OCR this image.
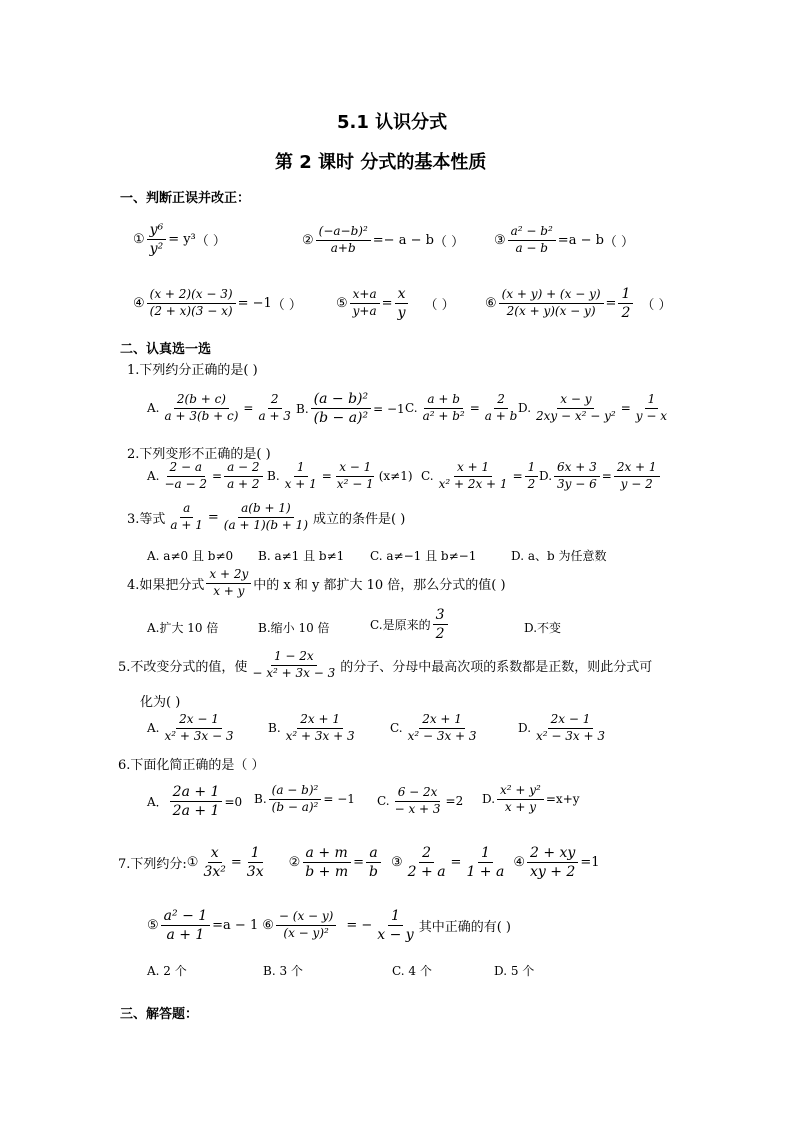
5.1 认识分式
第 2 课时 分式的基本性质
一、判断正误并改正：
① $\frac{\text{y⁶}}{\text{y²}} = y^3$ （ ）	② $\frac{\text{(−a−b)²}}{a+b} =- a - b$ （ ） ③ $\frac{\text{a² − b²}}{a - b} =a - b$ （ ）
④ $\frac{(x + 2)(x - 3)}{(2 + x)(3 - x)} = -1$ （ ）	⑤ $\frac{x+a}{y+a} = \frac{x}{y}$ （ ） ⑥ $\frac{(x + y) + (x - y)}{2(x + y)(x - y)} = \frac{1}{2}$ （ ）
二、认真选一选
1.下列约分正确的是( )
A. $\frac{2(b + c)}{a + 3(b + c)} = \frac{2}{a + 3} B$. $\frac{\text{(a − b)²}}{\text{(b − a)²}} = -1$ C. $\frac{a + b}{\text{a² + b²}} = \frac{2}{a + b}$
D. $\frac{x - y}{\text{2xy − x² − y²}} = \frac{1}{y - x}$
2.下列变形不正确的是( )
A. $\frac{2 - a}{-a - 2} = \frac{a - 2}{a + 2} B$. $\frac{1}{x + 1} = \frac{x - 1}{\text{x² − 1}} (x\ne 1)$ C. $\frac{x + 1}{\text{x² + 2x + 1}} = \frac{1}{2} D$. $\frac{6x + 3}{3y - 6} = \frac{2x + 1}{y - 2}$
3.等式 $\frac{a}{a + 1} = \frac{a(b + 1)}{(a + 1)(b + 1)}$ 成立的条件是( )
A. a≠0 且 b≠0 B. a≠1 且 b≠1 C. a≠−1 且 b≠−1	D. a、b 为任意数
4.如果把分式 $\frac{x + 2y}{x + y}$ 中的 x 和 y 都扩大 10 倍，那么分式的值( )
A.扩大 10 倍	B.缩小 10 倍	C.是原来的 $\frac{3}{2}$	D.不变
5.不改变分式的值，使 $\frac{1 - 2x}{\text{− x² + 3x − 3}}$ 的分子、分母中最高次项的系数都是正数，则此分式可
化为( )
A. $\frac{2x - 1}{\text{x² + 3x − 3}}$	B. $\frac{2x + 1}{\text{x² + 3x + 3}}$	C. $\frac{2x + 1}{\text{x² − 3x + 3}}$	D. $\frac{2x - 1}{\text{x² − 3x + 3}}$
6.下面化简正确的是（ ）
A． $\frac{2a + 1}{2a + 1} =0$ B. $\frac{\text{(a − b)²}}{\text{(b − a)²}} = -1$ C. $\frac{6 - 2x}{- x + 3} =2$ D. $\frac{\text{x² + y²}}{x + y} =x+y$
7.下列约分: ① $\frac{x}{\text{3x²}} = \frac{1}{3x}$ ② $\frac{a + m}{b + m} = \frac{a}{b}$ ③ $\frac{2}{2 + a} = \frac{1}{1 + a}$ ④ $\frac{2 + xy}{xy + 2} =1$
⑤ $\frac{\text{a² − 1}}{a + 1} =a - 1$ ⑥ $\frac{- (x - y)}{\text{(x − y)²}}$ = − $\frac{1}{x - y}$ 其中正确的有( )
A. 2 个	B. 3 个	C. 4 个	D. 5 个
三、解答题：
